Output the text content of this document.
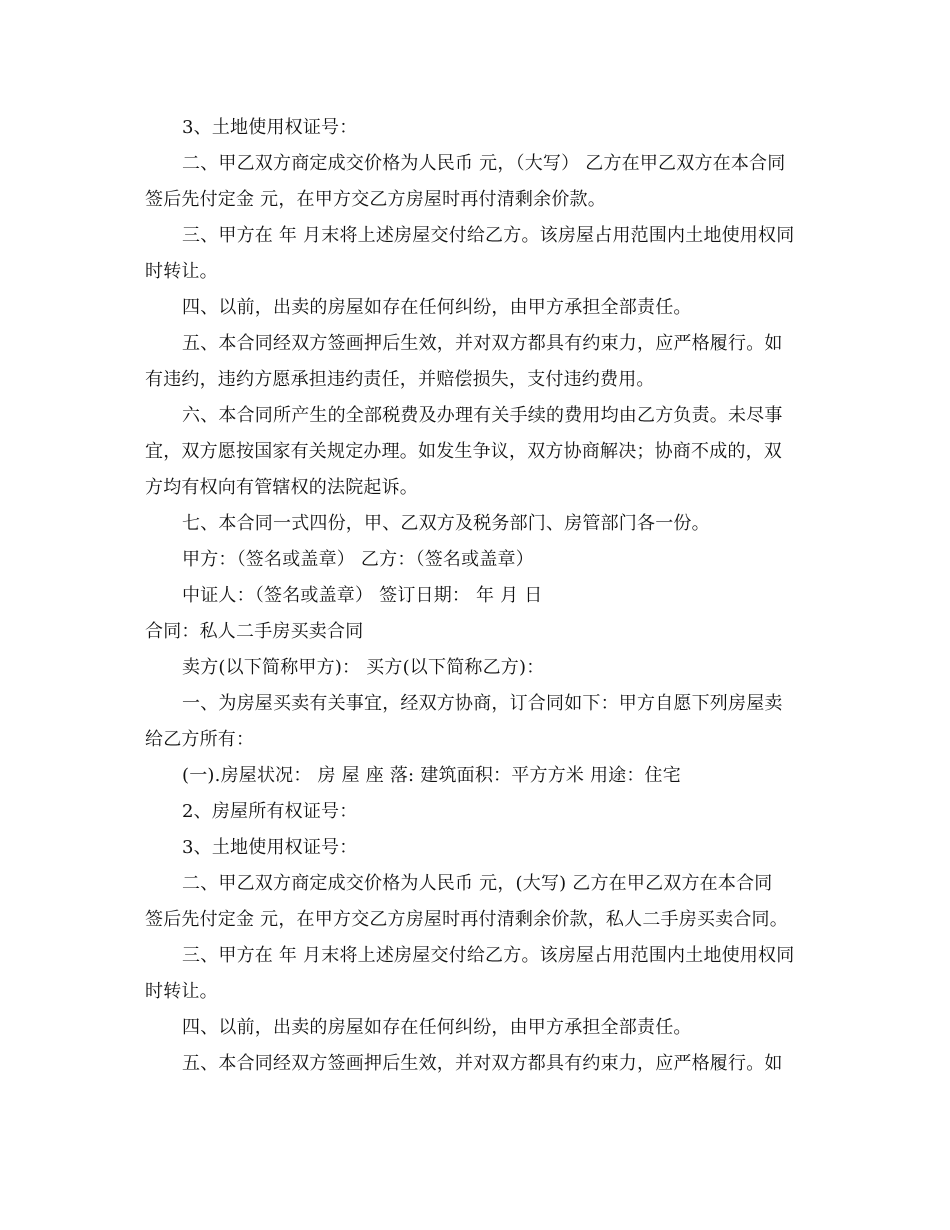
3、土地使用权证号：
二、甲乙双方商定成交价格为人民币 元，（大写） 乙方在甲乙双方在本合同
签后先付定金 元，在甲方交乙方房屋时再付清剩余价款。
三、甲方在 年 月末将上述房屋交付给乙方。该房屋占用范围内土地使用权同
时转让。
四、以前，出卖的房屋如存在任何纠纷，由甲方承担全部责任。
五、本合同经双方签画押后生效，并对双方都具有约束力，应严格履行。如
有违约，违约方愿承担违约责任，并赔偿损失，支付违约费用。
六、本合同所产生的全部税费及办理有关手续的费用均由乙方负责。未尽事
宜，双方愿按国家有关规定办理。如发生争议，双方协商解决；协商不成的，双
方均有权向有管辖权的法院起诉。
七、本合同一式四份，甲、乙双方及税务部门、房管部门各一份。
甲方：（签名或盖章） 乙方：（签名或盖章）
中证人：（签名或盖章） 签订日期： 年 月 日
合同：私人二手房买卖合同
卖方(以下简称甲方)： 买方(以下简称乙方)：
一、为房屋买卖有关事宜，经双方协商，订合同如下：甲方自愿下列房屋卖
给乙方所有：
(一).房屋状况： 房 屋 座 落: 建筑面积：平方方米 用途：住宅
2、房屋所有权证号：
3、土地使用权证号：
二、甲乙双方商定成交价格为人民币 元，(大写) 乙方在甲乙双方在本合同
签后先付定金 元，在甲方交乙方房屋时再付清剩余价款，私人二手房买卖合同。
三、甲方在 年 月末将上述房屋交付给乙方。该房屋占用范围内土地使用权同
时转让。
四、以前，出卖的房屋如存在任何纠纷，由甲方承担全部责任。
五、本合同经双方签画押后生效，并对双方都具有约束力，应严格履行。如
